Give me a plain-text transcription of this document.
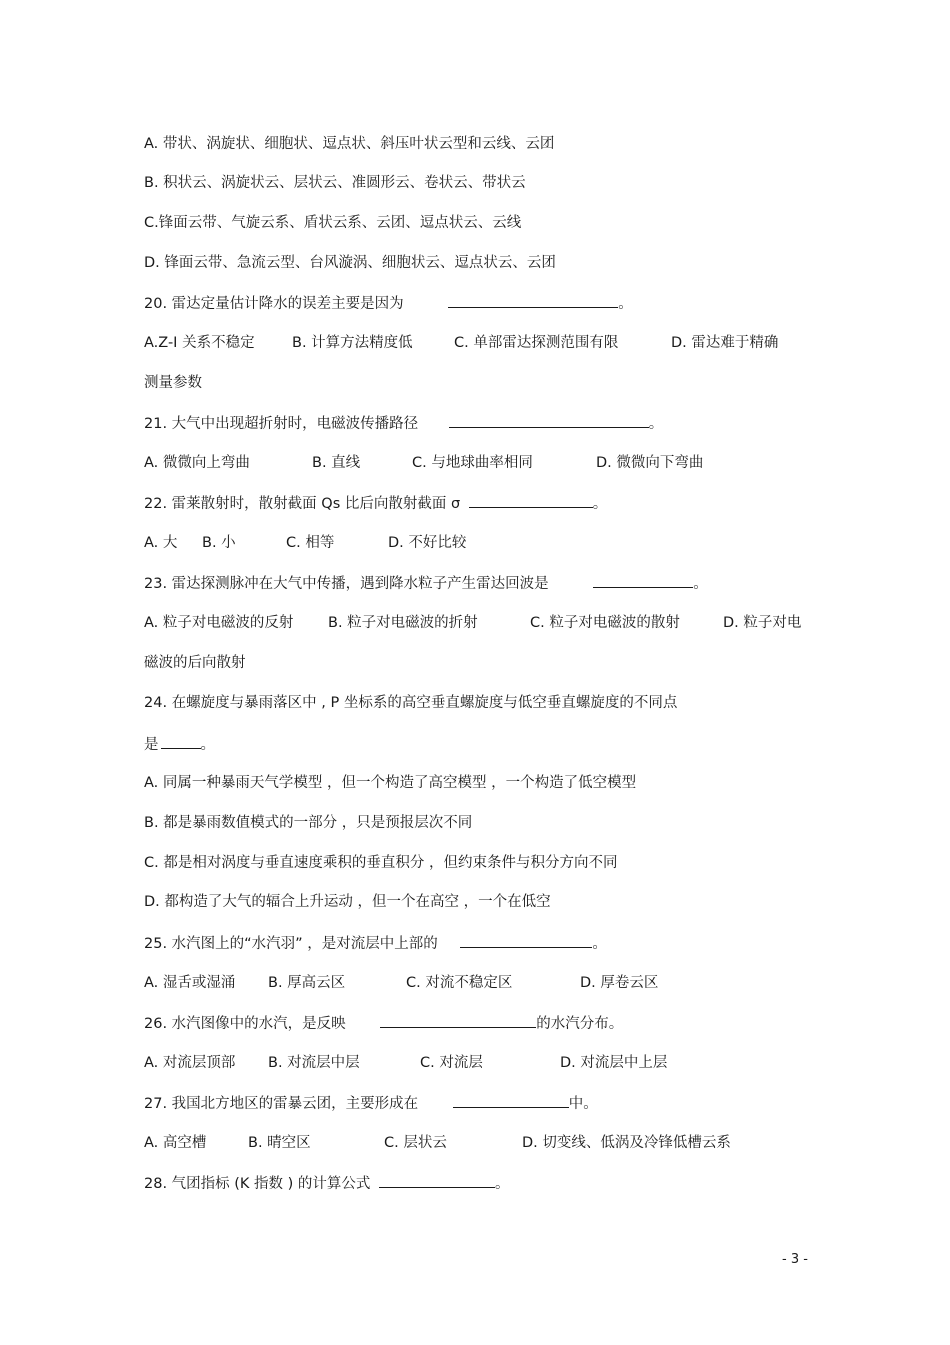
A. 带状、涡旋状、细胞状、逗点状、斜压叶状云型和云线、云团
B. 积状云、涡旋状云、层状云、准圆形云、卷状云、带状云
C.锋面云带、气旋云系、盾状云系、云团、逗点状云、云线
D. 锋面云带、急流云型、台风漩涡、细胞状云、逗点状云、云团
20. 雷达定量估计降水的误差主要是因为	。
A.Z-I 关系不稳定	B. 计算方法精度低	C. 单部雷达探测范围有限	D. 雷达难于精确
测量参数
21. 大气中出现超折射时，电磁波传播路径	。
A. 微微向上弯曲	B. 直线	C. 与地球曲率相同	D. 微微向下弯曲
22. 雷莱散射时，散射截面 Qs 比后向散射截面 σ	。
A. 大 B. 小	C. 相等	D. 不好比较
23. 雷达探测脉冲在大气中传播，遇到降水粒子产生雷达回波是	。
A. 粒子对电磁波的反射 B. 粒子对电磁波的折射	C. 粒子对电磁波的散射	D. 粒子对电
磁波的后向散射
24. 在螺旋度与暴雨落区中 , P 坐标系的高空垂直螺旋度与低空垂直螺旋度的不同点
是	。
A. 同属一种暴雨天气学模型 ，但一个构造了高空模型 ，一个构造了低空模型
B. 都是暴雨数值模式的一部分 ，只是预报层次不同
C. 都是相对涡度与垂直速度乘积的垂直积分 ，但约束条件与积分方向不同
D. 都构造了大气的辐合上升运动 ，但一个在高空 ，一个在低空
25. 水汽图上的“水汽羽” ，是对流层中上部的	。
A. 湿舌或湿涌 B. 厚高云区	C. 对流不稳定区	D. 厚卷云区
26. 水汽图像中的水汽，是反映	的水汽分布。
A. 对流层顶部 B. 对流层中层	C. 对流层	D. 对流层中上层
27. 我国北方地区的雷暴云团，主要形成在	中。
A. 高空槽	B. 晴空区	C. 层状云	D. 切变线、低涡及冷锋低槽云系
28. 气团指标 (K 指数 ) 的计算公式	。
- 3 -
